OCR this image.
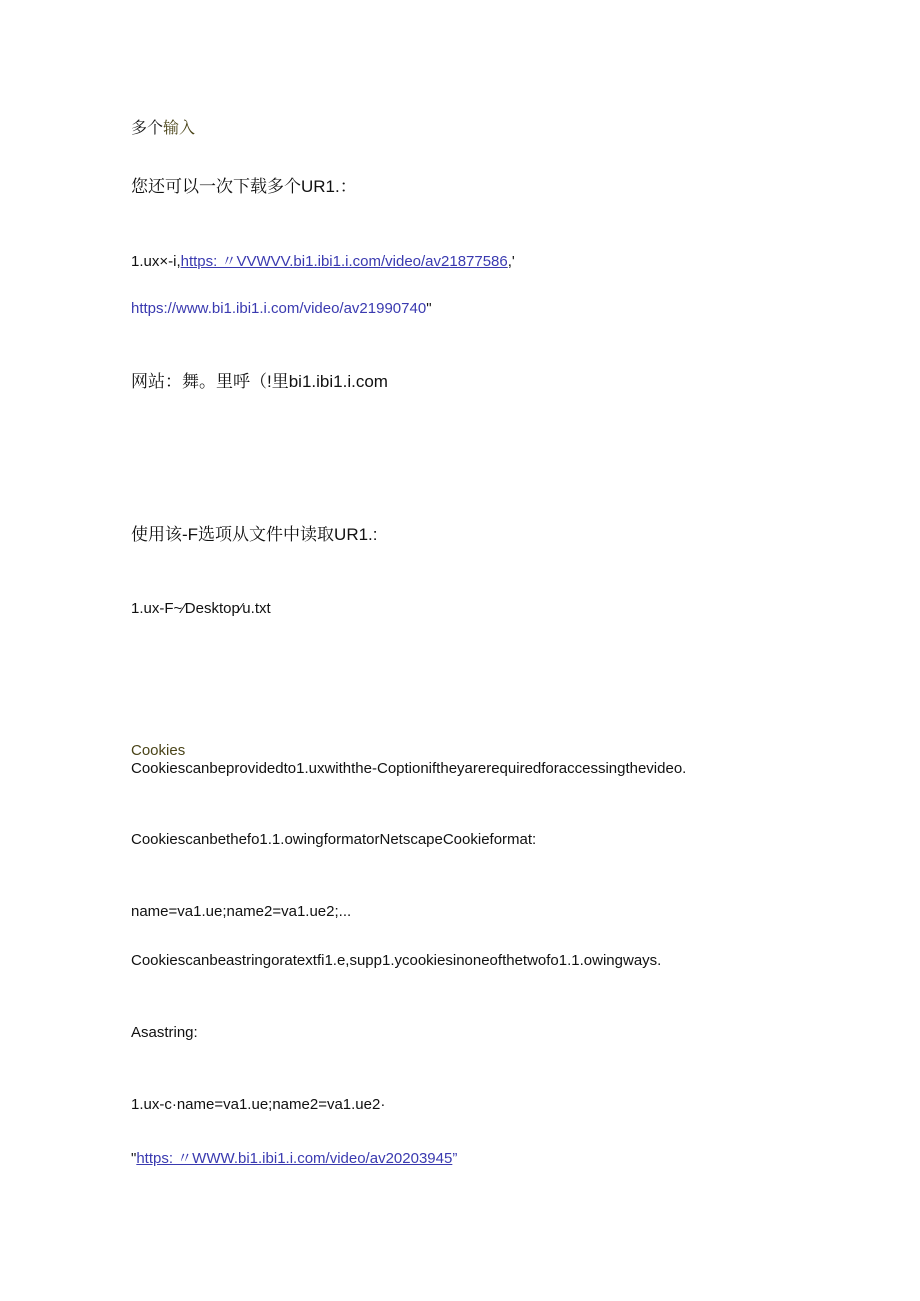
多个输入
您还可以一次下载多个UR1.：
1.ux×-i,https: 〃VVWVV.bi1.ibi1.i.com/video/av21877586,'
https://www.bi1.ibi1.i.com/video/av21990740"
网站：舞。里呼（!里bi1.ibi1.i.com
使用该-F选项从文件中读取UR1.:
1.ux-F~⁄Desktop⁄u.txt
Cookies
Cookiescanbeprovidedto1.uxwiththe-Coptioniftheyarerequiredforaccessingthevideo.
Cookiescanbethefo1.1.owingformatorNetscapeCookieformat:
name=va1.ue;name2=va1.ue2;...
Cookiescanbeastringoratextfi1.e,supp1.ycookiesinoneofthetwofo1.1.owingways.
Asastring:
1.ux-c·name=va1.ue;name2=va1.ue2·
"https: 〃WWW.bi1.ibi1.i.com/video/av20203945”
